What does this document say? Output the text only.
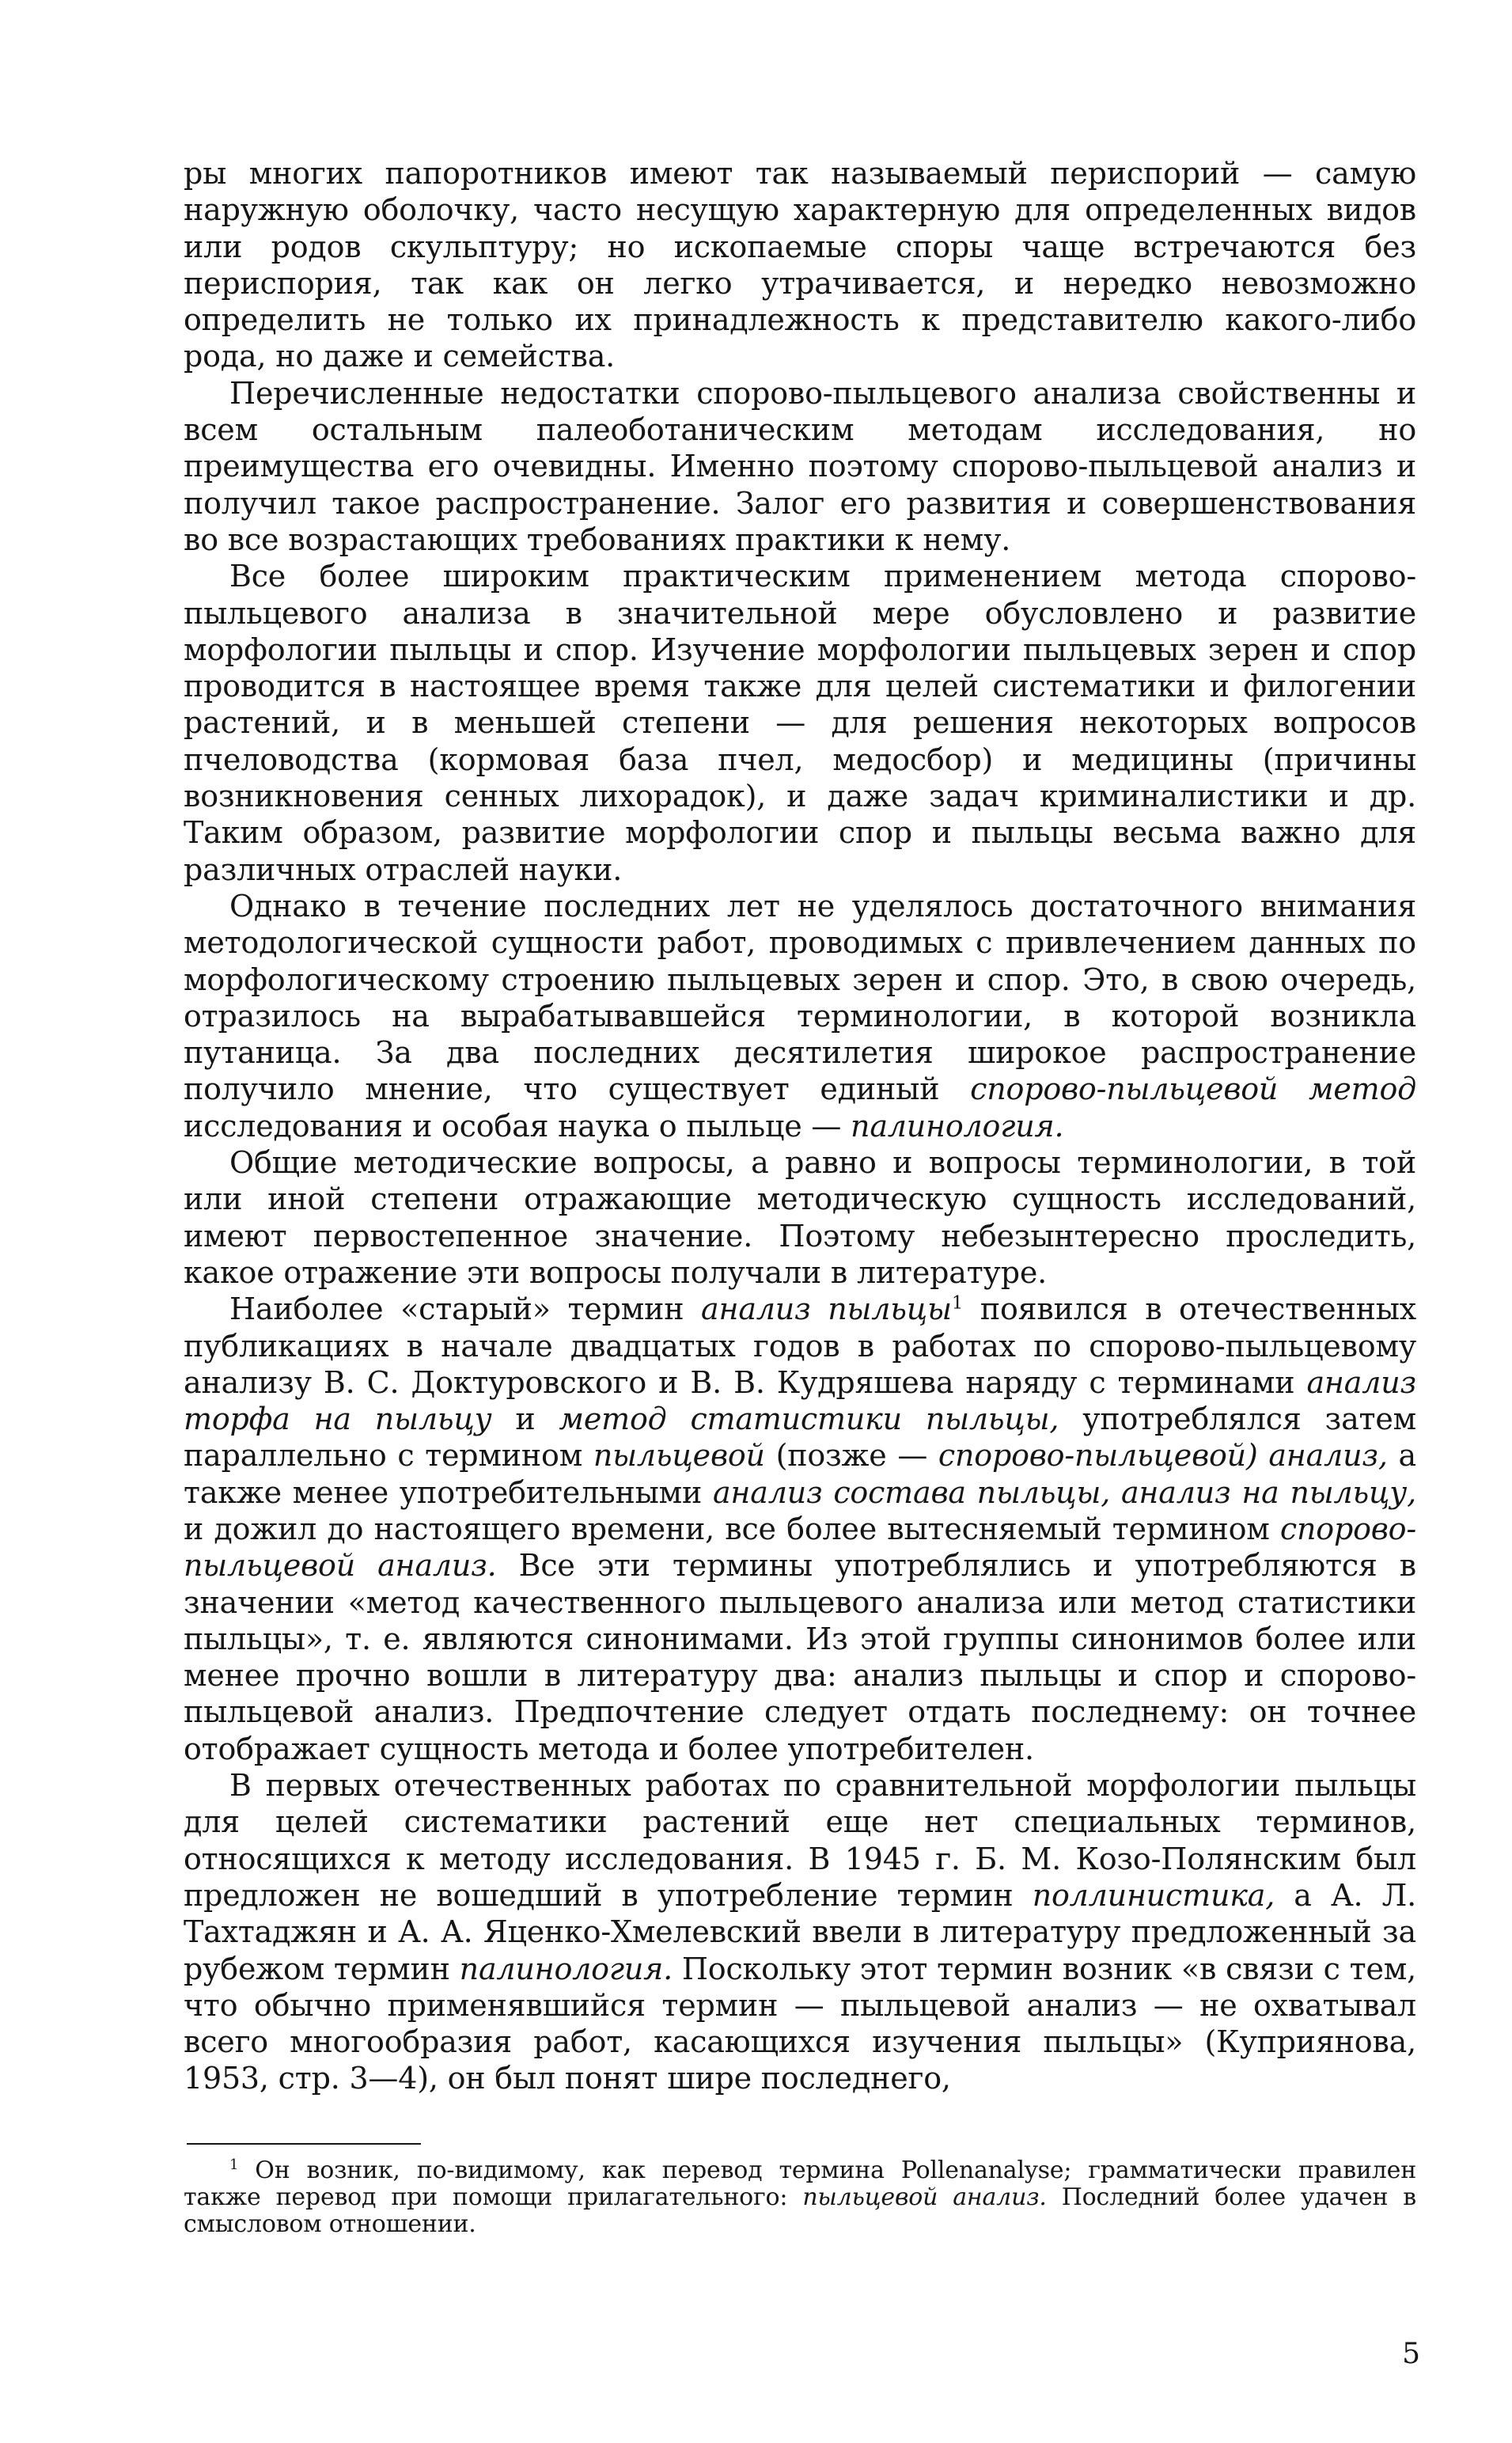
ры многих папоротников имеют так называемый периспорий — самую наружную оболочку, часто несущую характерную для определенных видов или родов скульптуру; но ископаемые споры чаще встречаются без периспория, так как он легко утрачивается, и нередко невозможно определить не только их принадлежность к представителю какого-либо рода, но даже и семейства.

Перечисленные недостатки спорово-пыльцевого анализа свойственны и всем остальным палеоботаническим методам исследования, но преимущества его очевидны. Именно поэтому спорово-пыльцевой анализ и получил такое распространение. Залог его развития и совершенствования во все возрастающих требованиях практики к нему.

Все более широким практическим применением метода спорово-пыльцевого анализа в значительной мере обусловлено и развитие морфологии пыльцы и спор. Изучение морфологии пыльцевых зерен и спор проводится в настоящее время также для целей систематики и филогении растений, и в меньшей степени — для решения некоторых вопросов пчеловодства (кормовая база пчел, медосбор) и медицины (причины возникновения сенных лихорадок), и даже задач криминалистики и др. Таким образом, развитие морфологии спор и пыльцы весьма важно для различных отраслей науки.

Однако в течение последних лет не уделялось достаточного внимания методологической сущности работ, проводимых с привлечением данных по морфологическому строению пыльцевых зерен и спор. Это, в свою очередь, отразилось на вырабатывавшейся терминологии, в которой возникла путаница. За два последних десятилетия широкое распространение получило мнение, что существует единый спорово-пыльцевой метод исследования и особая наука о пыльце — палинология.

Общие методические вопросы, а равно и вопросы терминологии, в той или иной степени отражающие методическую сущность исследований, имеют первостепенное значение. Поэтому небезынтересно проследить, какое отражение эти вопросы получали в литературе.

Наиболее «старый» термин анализ пыльцы$^1$ появился в отечественных публикациях в начале двадцатых годов в работах по спорово-пыльцевому анализу В. С. Доктуровского и В. В. Кудряшева наряду с терминами анализ торфа на пыльцу и метод статистики пыльцы, употреблялся затем параллельно с термином пыльцевой (позже — спорово-пыльцевой) анализ, а также менее употребительными анализ состава пыльцы, анализ на пыльцу, и дожил до настоящего времени, все более вытесняемый термином спорово-пыльцевой анализ. Все эти термины употреблялись и употребляются в значении «метод качественного пыльцевого анализа или метод статистики пыльцы», т. е. являются синонимами. Из этой группы синонимов более или менее прочно вошли в литературу два: анализ пыльцы и спор и спорово-пыльцевой анализ. Предпочтение следует отдать последнему: он точнее отображает сущность метода и более употребителен.

В первых отечественных работах по сравнительной морфологии пыльцы для целей систематики растений еще нет специальных терминов, относящихся к методу исследования. В 1945 г. Б. М. Козо-Полянским был предложен не вошедший в употребление термин поллинистика, а А. Л. Тахтаджян и А. А. Яценко-Хмелевский ввели в литературу предложенный за рубежом термин палинология. Поскольку этот термин возник «в связи с тем, что обычно применявшийся термин — пыльцевой анализ — не охватывал всего многообразия работ, касающихся изучения пыльцы» (Куприянова, 1953, стр. 3—4), он был понят шире последнего,

$^1$ Он возник, по-видимому, как перевод термина Pollenanalyse; грамматически правилен также перевод при помощи прилагательного: пыльцевой анализ. Последний более удачен в смысловом отношении.

5
